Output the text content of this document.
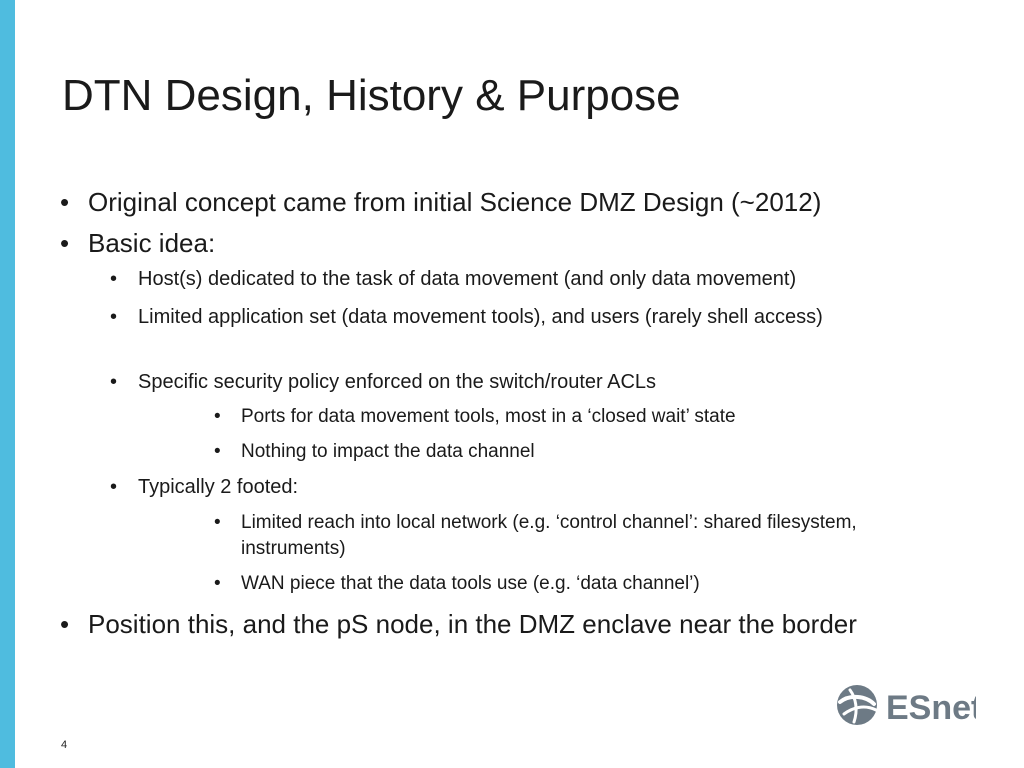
DTN Design, History & Purpose
• Original concept came from initial Science DMZ Design (~2012)
• Basic idea:
•	Host(s) dedicated to the task of data movement (and only data movement)
•	Limited application set (data movement tools), and users (rarely shell access)
•	Specific security policy enforced on the switch/router ACLs
•	Ports for data movement tools, most in a ‘closed wait’ state
•	Nothing to impact the data channel
•	Typically 2 footed:
•	Limited reach into local network (e.g. ‘control channel’: shared filesystem, instruments)
•	WAN piece that the data tools use (e.g. ‘data channel’)
• Position this, and the pS node, in the DMZ enclave near the border
ESnet
4
